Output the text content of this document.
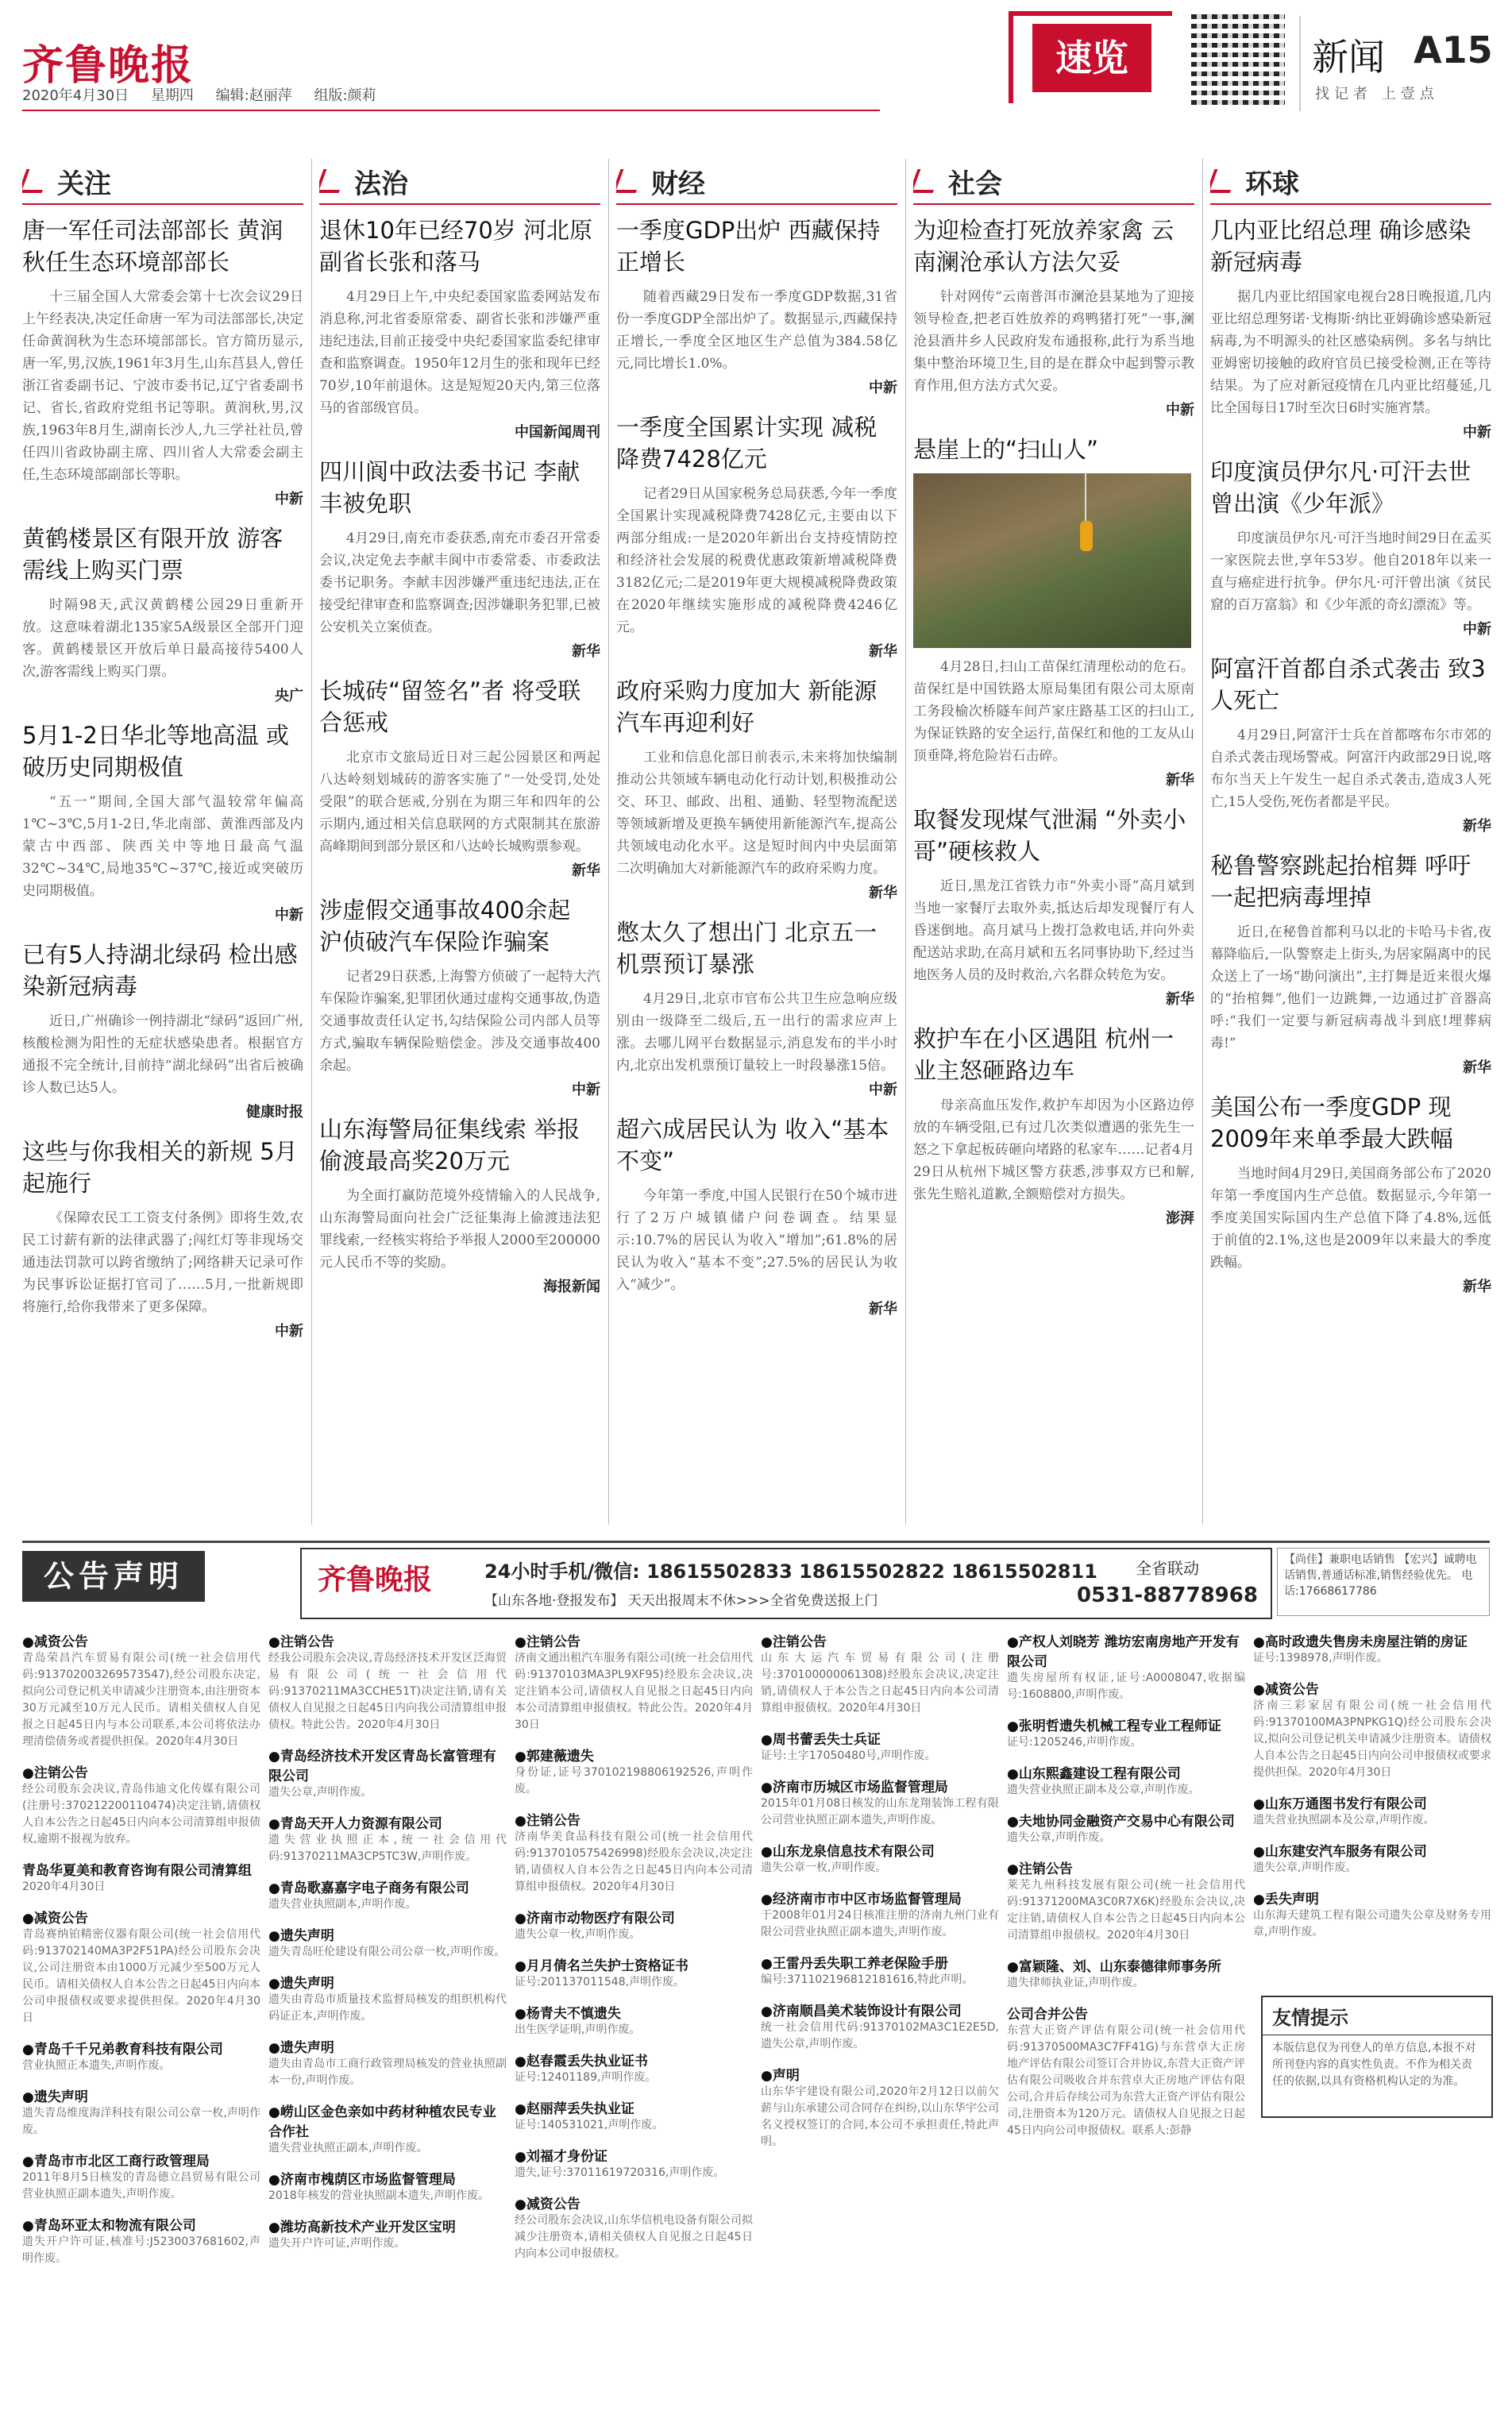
齐鲁晚报
2020年4月30日 星期四 编辑:赵丽萍 组版:颜莉
速览	新闻 A15
找记者 上壹点
关注
唐一军任司法部部长 黄润秋任生态环境部部长

十三届全国人大常委会第十七次会议29日上午经表决,决定任命唐一军为司法部部长,决定任命黄润秋为生态环境部部长。官方简历显示,唐一军,男,汉族,1961年3月生,山东莒县人,曾任浙江省委副书记、宁波市委书记,辽宁省委副书记、省长,省政府党组书记等职。黄润秋,男,汉族,1963年8月生,湖南长沙人,九三学社社员,曾任四川省政协副主席、四川省人大常委会副主任,生态环境部副部长等职。

中新
黄鹤楼景区有限开放 游客需线上购买门票

时隔98天,武汉黄鹤楼公园29日重新开放。这意味着湖北135家5A级景区全部开门迎客。黄鹤楼景区开放后单日最高接待5400人次,游客需线上购买门票。

央广
5月1-2日华北等地高温 或破历史同期极值

“五一”期间,全国大部气温较常年偏高1℃~3℃,5月1-2日,华北南部、黄淮西部及内蒙古中西部、陕西关中等地日最高气温32℃~34℃,局地35℃~37℃,接近或突破历史同期极值。

中新
已有5人持湖北绿码 检出感染新冠病毒

近日,广州确诊一例持湖北“绿码”返回广州,核酸检测为阳性的无症状感染患者。根据官方通报不完全统计,目前持“湖北绿码”出省后被确诊人数已达5人。

健康时报
这些与你我相关的新规 5月起施行

《保障农民工工资支付条例》即将生效,农民工讨薪有新的法律武器了;闯红灯等非现场交通违法罚款可以跨省缴纳了;网络耕天记录可作为民事诉讼证据打官司了……5月,一批新规即将施行,给你我带来了更多保障。

中新
法治
退休10年已经70岁 河北原副省长张和落马

4月29日上午,中央纪委国家监委网站发布消息称,河北省委原常委、副省长张和涉嫌严重违纪违法,目前正接受中央纪委国家监委纪律审查和监察调查。1950年12月生的张和现年已经70岁,10年前退休。这是短短20天内,第三位落马的省部级官员。

中国新闻周刊
四川阆中政法委书记 李献丰被免职

4月29日,南充市委获悉,南充市委召开常委会议,决定免去李献丰阆中市委常委、市委政法委书记职务。李献丰因涉嫌严重违纪违法,正在接受纪律审查和监察调查;因涉嫌职务犯罪,已被公安机关立案侦查。

新华
长城砖“留签名”者 将受联合惩戒

北京市文旅局近日对三起公园景区和两起八达岭刻划城砖的游客实施了“一处受罚,处处受限”的联合惩戒,分别在为期三年和四年的公示期内,通过相关信息联网的方式限制其在旅游高峰期间到部分景区和八达岭长城购票参观。

新华
涉虚假交通事故400余起 沪侦破汽车保险诈骗案

记者29日获悉,上海警方侦破了一起特大汽车保险诈骗案,犯罪团伙通过虚构交通事故,伪造交通事故责任认定书,勾结保险公司内部人员等方式,骗取车辆保险赔偿金。涉及交通事故400余起。

中新
山东海警局征集线索 举报偷渡最高奖20万元

为全面打赢防范境外疫情输入的人民战争,山东海警局面向社会广泛征集海上偷渡违法犯罪线索,一经核实将给予举报人2000至200000元人民币不等的奖励。

海报新闻
财经
一季度GDP出炉 西藏保持正增长

随着西藏29日发布一季度GDP数据,31省份一季度GDP全部出炉了。数据显示,西藏保持正增长,一季度全区地区生产总值为384.58亿元,同比增长1.0%。

中新
一季度全国累计实现 减税降费7428亿元

记者29日从国家税务总局获悉,今年一季度全国累计实现减税降费7428亿元,主要由以下两部分组成:一是2020年新出台支持疫情防控和经济社会发展的税费优惠政策新增减税降费3182亿元;二是2019年更大规模减税降费政策在2020年继续实施形成的减税降费4246亿元。

新华
政府采购力度加大 新能源汽车再迎利好

工业和信息化部日前表示,未来将加快编制推动公共领域车辆电动化行动计划,积极推动公交、环卫、邮政、出租、通勤、轻型物流配送等领域新增及更换车辆使用新能源汽车,提高公共领域电动化水平。这是短时间内中央层面第二次明确加大对新能源汽车的政府采购力度。

新华
憋太久了想出门 北京五一机票预订暴涨

4月29日,北京市官布公共卫生应急响应级别由一级降至二级后,五一出行的需求应声上涨。去哪儿网平台数据显示,消息发布的半小时内,北京出发机票预订量较上一时段暴涨15倍。

中新
超六成居民认为 收入“基本不变”

今年第一季度,中国人民银行在50个城市进行了2万户城镇储户问卷调查。结果显示:10.7%的居民认为收入“增加”;61.8%的居民认为收入“基本不变”;27.5%的居民认为收入“减少”。

新华
社会
为迎检查打死放养家禽 云南澜沧承认方法欠妥

针对网传“云南普洱市澜沧县某地为了迎接领导检查,把老百姓放养的鸡鸭猪打死”一事,澜沧县酒井乡人民政府发布通报称,此行为系当地集中整治环境卫生,目的是在群众中起到警示教育作用,但方法方式欠妥。

中新
悬崖上的“扫山人”

4月28日,扫山工苗保红清理松动的危石。苗保红是中国铁路太原局集团有限公司太原南工务段榆次桥隧车间芦家庄路基工区的扫山工,为保证铁路的安全运行,苗保红和他的工友从山顶垂降,将危险岩石击碎。

新华
取餐发现煤气泄漏 “外卖小哥”硬核救人

近日,黑龙江省铁力市“外卖小哥”高月斌到当地一家餐厅去取外卖,抵达后却发现餐厅有人昏迷倒地。高月斌马上拨打急救电话,并向外卖配送站求助,在高月斌和五名同事协助下,经过当地医务人员的及时救治,六名群众转危为安。

新华
救护车在小区遇阻 杭州一业主怒砸路边车

母亲高血压发作,救护车却因为小区路边停放的车辆受阻,已有过几次类似遭遇的张先生一怒之下拿起板砖砸向堵路的私家车……记者4月29日从杭州下城区警方获悉,涉事双方已和解,张先生赔礼道歉,全额赔偿对方损失。

澎湃
环球
几内亚比绍总理 确诊感染新冠病毒

据几内亚比绍国家电视台28日晚报道,几内亚比绍总理努诺·戈梅斯·纳比亚姆确诊感染新冠病毒,为不明源头的社区感染病例。多名与纳比亚姆密切接触的政府官员已接受检测,正在等待结果。为了应对新冠疫情在几内亚比绍蔓延,几比全国每日17时至次日6时实施宵禁。

中新
印度演员伊尔凡·可汗去世 曾出演《少年派》

印度演员伊尔凡·可汗当地时间29日在孟买一家医院去世,享年53岁。他自2018年以来一直与癌症进行抗争。伊尔凡·可汗曾出演《贫民窟的百万富翁》和《少年派的奇幻漂流》等。

中新
阿富汗首都自杀式袭击 致3人死亡

4月29日,阿富汗士兵在首都喀布尔市郊的自杀式袭击现场警戒。阿富汗内政部29日说,喀布尔当天上午发生一起自杀式袭击,造成3人死亡,15人受伤,死伤者都是平民。

新华
秘鲁警察跳起抬棺舞 呼吁一起把病毒埋掉

近日,在秘鲁首都利马以北的卡哈马卡省,夜幕降临后,一队警察走上街头,为居家隔离中的民众送上了一场“勘问演出”,主打舞是近来很火爆的“抬棺舞”,他们一边跳舞,一边通过扩音器高呼:“我们一定要与新冠病毒战斗到底!埋葬病毒!”

新华
美国公布一季度GDP 现2009年来单季最大跌幅

当地时间4月29日,美国商务部公布了2020年第一季度国内生产总值。数据显示,今年第一季度美国实际国内生产总值下降了4.8%,远低于前值的2.1%,这也是2009年以来最大的季度跌幅。

新华
公告声明	齐鲁晚报	24小时手机/微信: 18615502833 18615502822 18615502811
【山东各地·登报发布】 天天出报周末不休>>>全省免费送报上门
全省联动
0531-88778968
【尚佳】兼职电话销售 【宏兴】诚聘电话销售,普通话标准,销售经验优先。 电话:17668617786
●减资公告
青岛荣昌汽车贸易有限公司(统一社会信用代码:913702003269573547),经公司股东决定,拟向公司登记机关申请减少注册资本,由注册资本30万元减至10万元人民币。请相关债权人自见报之日起45日内与本公司联系,本公司将依法办理清偿债务或者提供担保。2020年4月30日
●注销公告
经公司股东会决议,青岛伟迪文化传媒有限公司(注册号:370212200110474)决定注销,请债权人自本公告之日起45日内向本公司清算组申报债权,逾期不报视为放弃。
青岛华夏美和教育咨询有限公司清算组
2020年4月30日
●减资公告
青岛赛纳铂精密仪器有限公司(统一社会信用代码:913702140MA3P2F51PA)经公司股东会决议,公司注册资本由1000万元减少至500万元人民币。请相关债权人自本公告之日起45日内向本公司申报债权或要求提供担保。2020年4月30日
●青岛千千兄弟教育科技有限公司
营业执照正本遗失,声明作废。
●遗失声明
遗失青岛维度海洋科技有限公司公章一枚,声明作废。
●青岛市市北区工商行政管理局
2011年8月5日核发的青岛德立昌贸易有限公司营业执照正副本遗失,声明作废。
●青岛环亚太和物流有限公司
遗失开户许可证,核准号:J5230037681602,声明作废。
●注销公告
经我公司股东会决议,青岛经济技术开发区泛海贸易有限公司(统一社会信用代码:91370211MA3CCHE51T)决定注销,请有关债权人自见报之日起45日内向我公司清算组申报债权。特此公告。2020年4月30日
●青岛经济技术开发区青岛长富管理有限公司
遗失公章,声明作废。
●青岛天开人力资源有限公司
遗失营业执照正本,统一社会信用代码:91370211MA3CP5TC3W,声明作废。
●青岛歌嘉嘉字电子商务有限公司
遗失营业执照副本,声明作废。
●遗失声明
遗失青岛旺伦建设有限公司公章一枚,声明作废。
●遗失声明
遗失由青岛市质量技术监督局核发的组织机构代码证正本,声明作废。
●遗失声明
遗失由青岛市工商行政管理局核发的营业执照副本一份,声明作废。
●崂山区金色亲如中药材种植农民专业合作社
遗失营业执照正副本,声明作废。
●济南市槐荫区市场监督管理局
2018年核发的营业执照副本遗失,声明作废。
●潍坊高新技术产业开发区宝明
遗失开户许可证,声明作废。
●注销公告
济南文通出租汽车服务有限公司(统一社会信用代码:91370103MA3PL9XF95)经股东会决议,决定注销本公司,请债权人自见报之日起45日内向本公司清算组申报债权。特此公告。2020年4月30日
●郭建薇遗失
身份证,证号370102198806192526,声明作废。
●注销公告
济南华美食品科技有限公司(统一社会信用代码:9137010575426998)经股东会决议,决定注销,请债权人自本公告之日起45日内向本公司清算组申报债权。2020年4月30日
●济南市动物医疗有限公司
遗失公章一枚,声明作废。
●月月倩名兰失护士资格证书
证号:201137011548,声明作废。
●杨青夫不慎遗失
出生医学证明,声明作废。
●赵春霞丢失执业证书
证号:12401189,声明作废。
●赵丽萍丢失执业证
证号:140531021,声明作废。
●刘福才身份证
遗失,证号:37011619720316,声明作废。
●减资公告
经公司股东会决议,山东华信机电设备有限公司拟减少注册资本,请相关债权人自见报之日起45日内向本公司申报债权。
●注销公告
山东大运汽车贸易有限公司(注册号:370100000061308)经股东会决议,决定注销,请债权人于本公告之日起45日内向本公司清算组申报债权。2020年4月30日
●周书蕾丢失士兵证
证号:土字17050480号,声明作废。
●济南市历城区市场监督管理局
2015年01月08日核发的山东龙翔装饰工程有限公司营业执照正副本遗失,声明作废。
●山东龙泉信息技术有限公司
遗失公章一枚,声明作废。
●经济南市市中区市场监督管理局
于2008年01月24日核准注册的济南九州门业有限公司营业执照正副本遗失,声明作废。
●王雷丹丢失职工养老保险手册
编号:371102196812181616,特此声明。
●济南顺昌美术装饰设计有限公司
统一社会信用代码:91370102MA3C1E2E5D,遗失公章,声明作废。
●声明
山东华宇建设有限公司,2020年2月12日以前欠薪与山东承建公司合同存在纠纷,以山东华宇公司名义授权签订的合同,本公司不承担责任,特此声明。
●产权人刘晓芳 潍坊宏南房地产开发有限公司
遗失房屋所有权证,证号:A0008047,收据编号:1608800,声明作废。
●张明哲遗失机械工程专业工程师证
证号:1205246,声明作废。
●山东熙鑫建设工程有限公司
遗失营业执照正副本及公章,声明作废。
●夫地协同金融资产交易中心有限公司
遗失公章,声明作废。
●注销公告
莱芜九州科技发展有限公司(统一社会信用代码:91371200MA3C0R7X6K)经股东会决议,决定注销,请债权人自本公告之日起45日内向本公司清算组申报债权。2020年4月30日
●富颖隆、刘、山东泰德律师事务所
遗失律师执业证,声明作废。
公司合并公告
东营大正资产评估有限公司(统一社会信用代码:91370500MA3C7FF41G)与东营卓大正房地产评估有限公司签订合并协议,东营大正资产评估有限公司吸收合并东营卓大正房地产评估有限公司,合并后存续公司为东营大正资产评估有限公司,注册资本为120万元。请债权人自见报之日起45日内向公司申报债权。联系人:彭静
●高时政遗失售房未房屋注销的房证
证号:1398978,声明作废。
●减资公告
济南三彩家居有限公司(统一社会信用代码:91370100MA3PNPKG1Q)经公司股东会决议,拟向公司登记机关申请减少注册资本。请债权人自本公告之日起45日内向公司申报债权或要求提供担保。2020年4月30日
●山东万通图书发行有限公司
遗失营业执照副本及公章,声明作废。
●山东建安汽车服务有限公司
遗失公章,声明作废。
●丢失声明
山东海天建筑工程有限公司遗失公章及财务专用章,声明作废。
友情提示
本版信息仅为刊登人的单方信息,本报不对所刊登内容的真实性负责。不作为相关责任的依据,以具有资格机构认定的为准。
